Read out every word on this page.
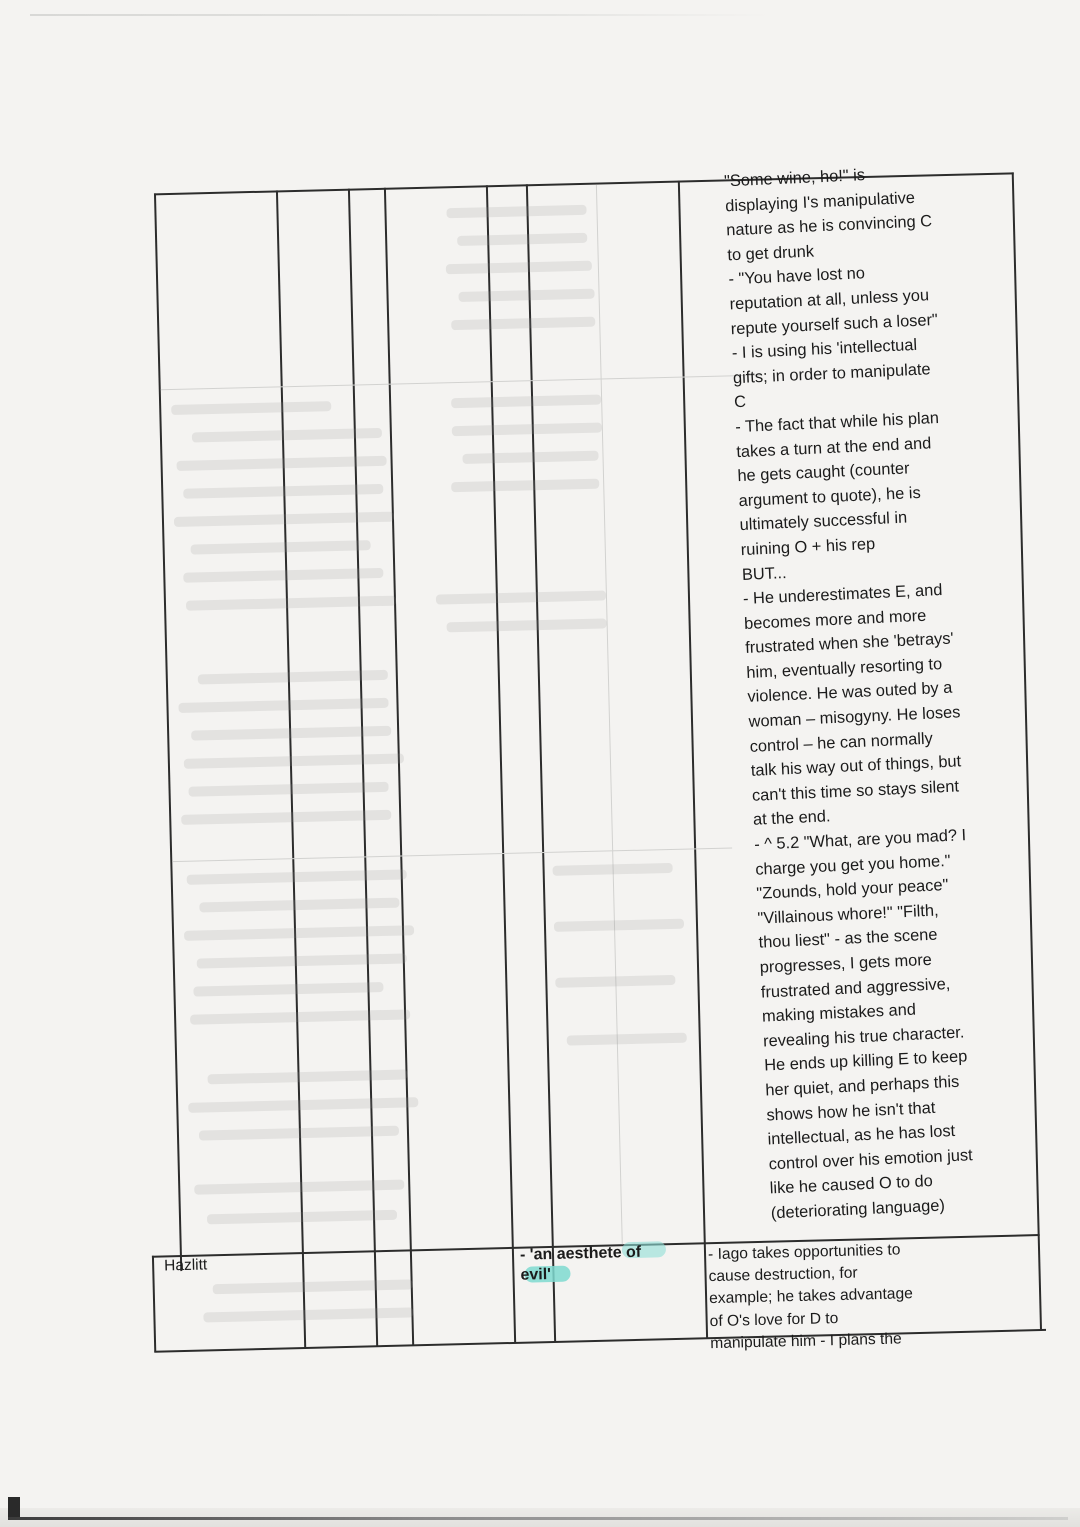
"Some wine, ho!" is

displaying I's manipulative

nature as he is convincing C

to get drunk

- "You have lost no

reputation at all, unless you

repute yourself such a loser"

- I is using his 'intellectual

gifts; in order to manipulate

C

- The fact that while his plan

takes a turn at the end and

he gets caught (counter

argument to quote), he is

ultimately successful in

ruining O + his rep

BUT...

- He underestimates E, and

becomes more and more

frustrated when she 'betrays'

him, eventually resorting to

violence. He was outed by a

woman – misogyny. He loses

control – he can normally

talk his way out of things, but

can't this time so stays silent

at the end.

- ^ 5.2 "What, are you mad? I

charge you get you home."

"Zounds, hold your peace"

"Villainous whore!" "Filth,

thou liest" - as the scene

progresses, I gets more

frustrated and aggressive,

making mistakes and

revealing his true character.

He ends up killing E to keep

her quiet, and perhaps this

shows how he isn't that

intellectual, as he has lost

control over his emotion just

like he caused O to do

(deteriorating language)

Hazlitt
- 'an aesthete of
evil'

- Iago takes opportunities to

cause destruction, for

example; he takes advantage

of O's love for D to

manipulate him - I plans the
